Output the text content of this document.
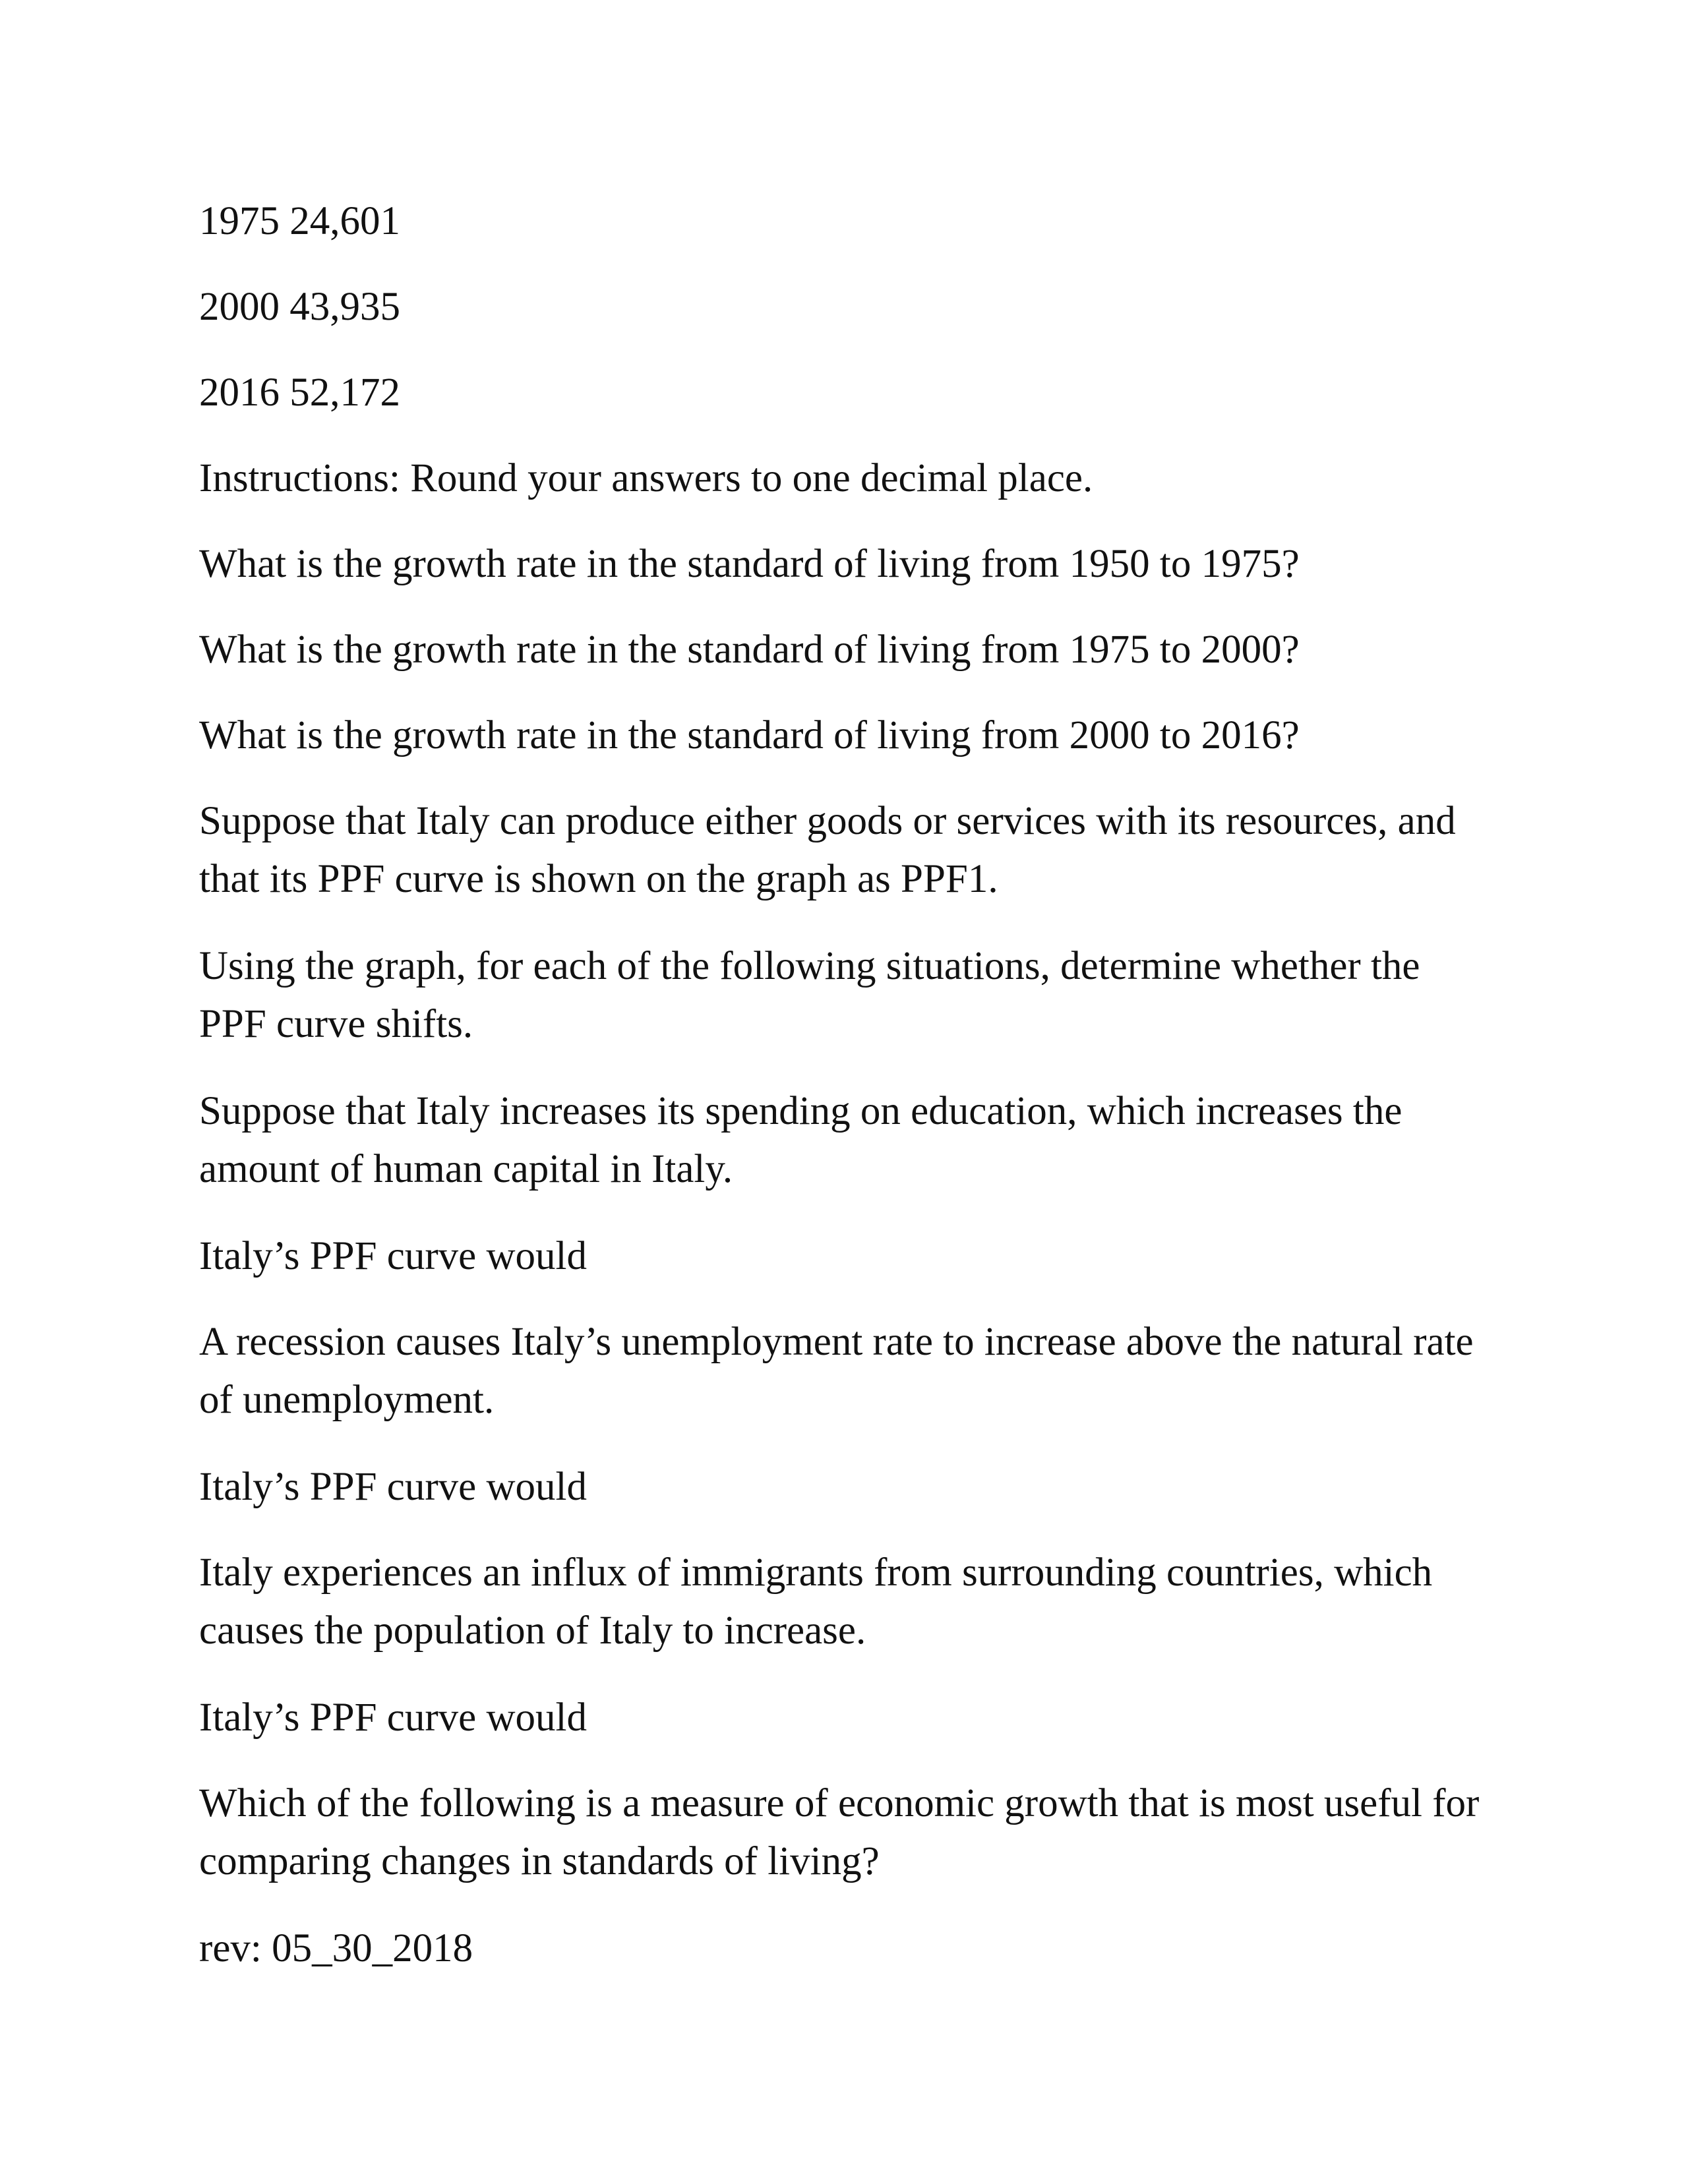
1975 24,601

2000 43,935

2016 52,172

Instructions: Round your answers to one decimal place.

What is the growth rate in the standard of living from 1950 to 1975?

What is the growth rate in the standard of living from 1975 to 2000?

What is the growth rate in the standard of living from 2000 to 2016?

Suppose that Italy can produce either goods or services with its resources, and that its PPF curve is shown on the graph as PPF1.

Using the graph, for each of the following situations, determine whether the PPF curve shifts.

Suppose that Italy increases its spending on education, which increases the amount of human capital in Italy.

Italy’s PPF curve would

A recession causes Italy’s unemployment rate to increase above the natural rate of unemployment.

Italy’s PPF curve would

Italy experiences an influx of immigrants from surrounding countries, which causes the population of Italy to increase.

Italy’s PPF curve would

Which of the following is a measure of economic growth that is most useful for comparing changes in standards of living?

rev: 05_30_2018
